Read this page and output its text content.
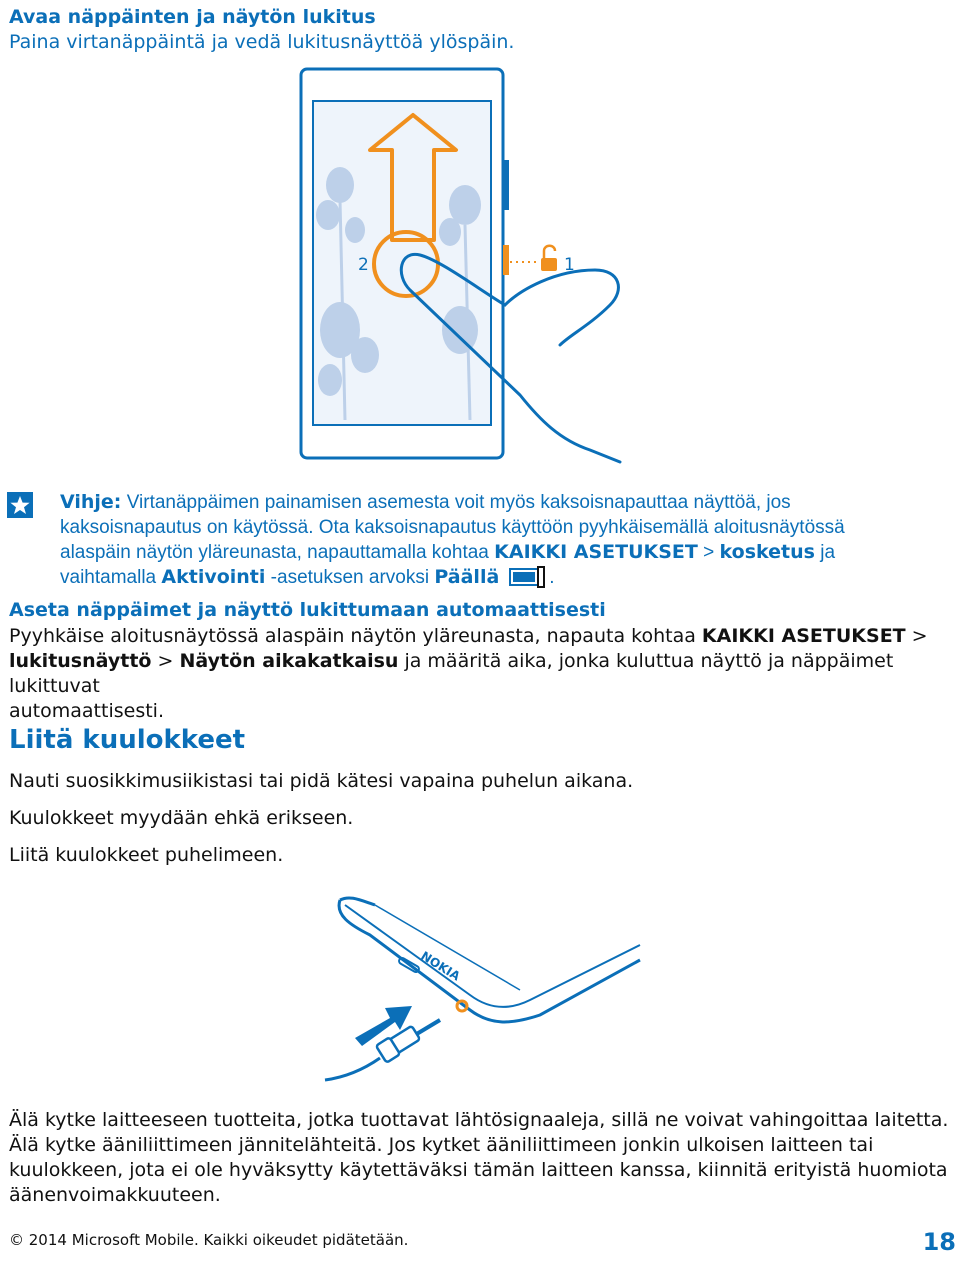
Avaa näppäinten ja näytön lukitus
Paina virtanäppäintä ja vedä lukitusnäyttöä ylöspäin.
2	1
Vihje: Virtanäppäimen painamisen asemesta voit myös kaksoisnapauttaa näyttöä, jos
kaksoisnapautus on käytössä. Ota kaksoisnapautus käyttöön pyyhkäisemällä aloitusnäytössä
alaspäin näytön yläreunasta, napauttamalla kohtaa KAIKKI ASETUKSET > kosketus ja
vaihtamalla Aktivointi -asetuksen arvoksi Päällä	.
Aseta näppäimet ja näyttö lukittumaan automaattisesti
Pyyhkäise aloitusnäytössä alaspäin näytön yläreunasta, napauta kohtaa KAIKKI ASETUKSET >
lukitusnäyttö > Näytön aikakatkaisu ja määritä aika, jonka kuluttua näyttö ja näppäimet lukittuvat
automaattisesti.
Liitä kuulokkeet
Nauti suosikkimusiikistasi tai pidä kätesi vapaina puhelun aikana.
Kuulokkeet myydään ehkä erikseen.
Liitä kuulokkeet puhelimeen.
NOKIA
Älä kytke laitteeseen tuotteita, jotka tuottavat lähtösignaaleja, sillä ne voivat vahingoittaa laitetta.
Älä kytke ääniliittimeen jännitelähteitä. Jos kytket ääniliittimeen jonkin ulkoisen laitteen tai
kuulokkeen, jota ei ole hyväksytty käytettäväksi tämän laitteen kanssa, kiinnitä erityistä huomiota
äänenvoimakkuuteen.
© 2014 Microsoft Mobile. Kaikki oikeudet pidätetään.	18
